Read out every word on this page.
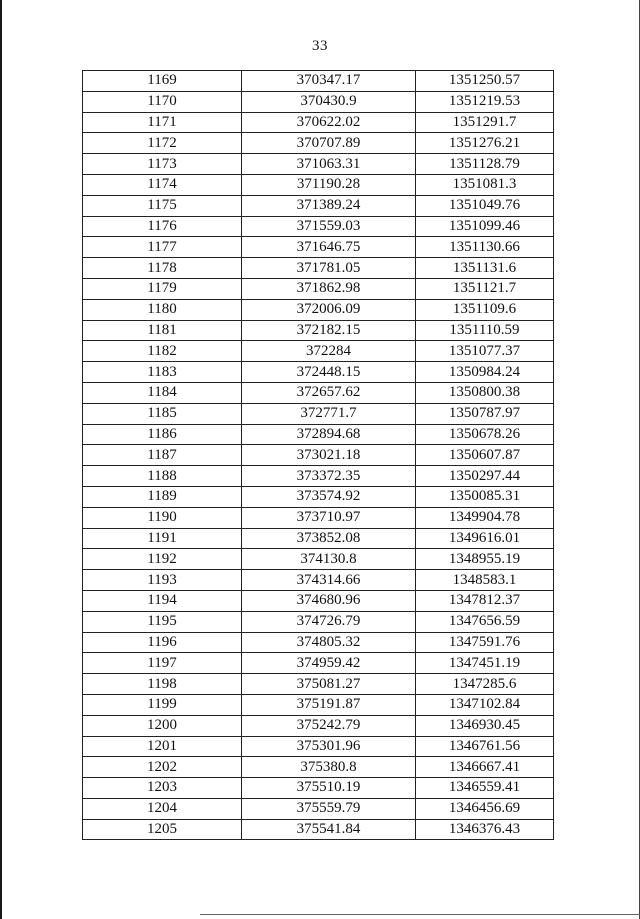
33
1169	370347.17	1351250.57
1170	370430.9	1351219.53
1171	370622.02	1351291.7
1172	370707.89	1351276.21
1173	371063.31	1351128.79
1174	371190.28	1351081.3
1175	371389.24	1351049.76
1176	371559.03	1351099.46
1177	371646.75	1351130.66
1178	371781.05	1351131.6
1179	371862.98	1351121.7
1180	372006.09	1351109.6
1181	372182.15	1351110.59
1182	372284	1351077.37
1183	372448.15	1350984.24
1184	372657.62	1350800.38
1185	372771.7	1350787.97
1186	372894.68	1350678.26
1187	373021.18	1350607.87
1188	373372.35	1350297.44
1189	373574.92	1350085.31
1190	373710.97	1349904.78
1191	373852.08	1349616.01
1192	374130.8	1348955.19
1193	374314.66	1348583.1
1194	374680.96	1347812.37
1195	374726.79	1347656.59
1196	374805.32	1347591.76
1197	374959.42	1347451.19
1198	375081.27	1347285.6
1199	375191.87	1347102.84
1200	375242.79	1346930.45
1201	375301.96	1346761.56
1202	375380.8	1346667.41
1203	375510.19	1346559.41
1204	375559.79	1346456.69
1205	375541.84	1346376.43
